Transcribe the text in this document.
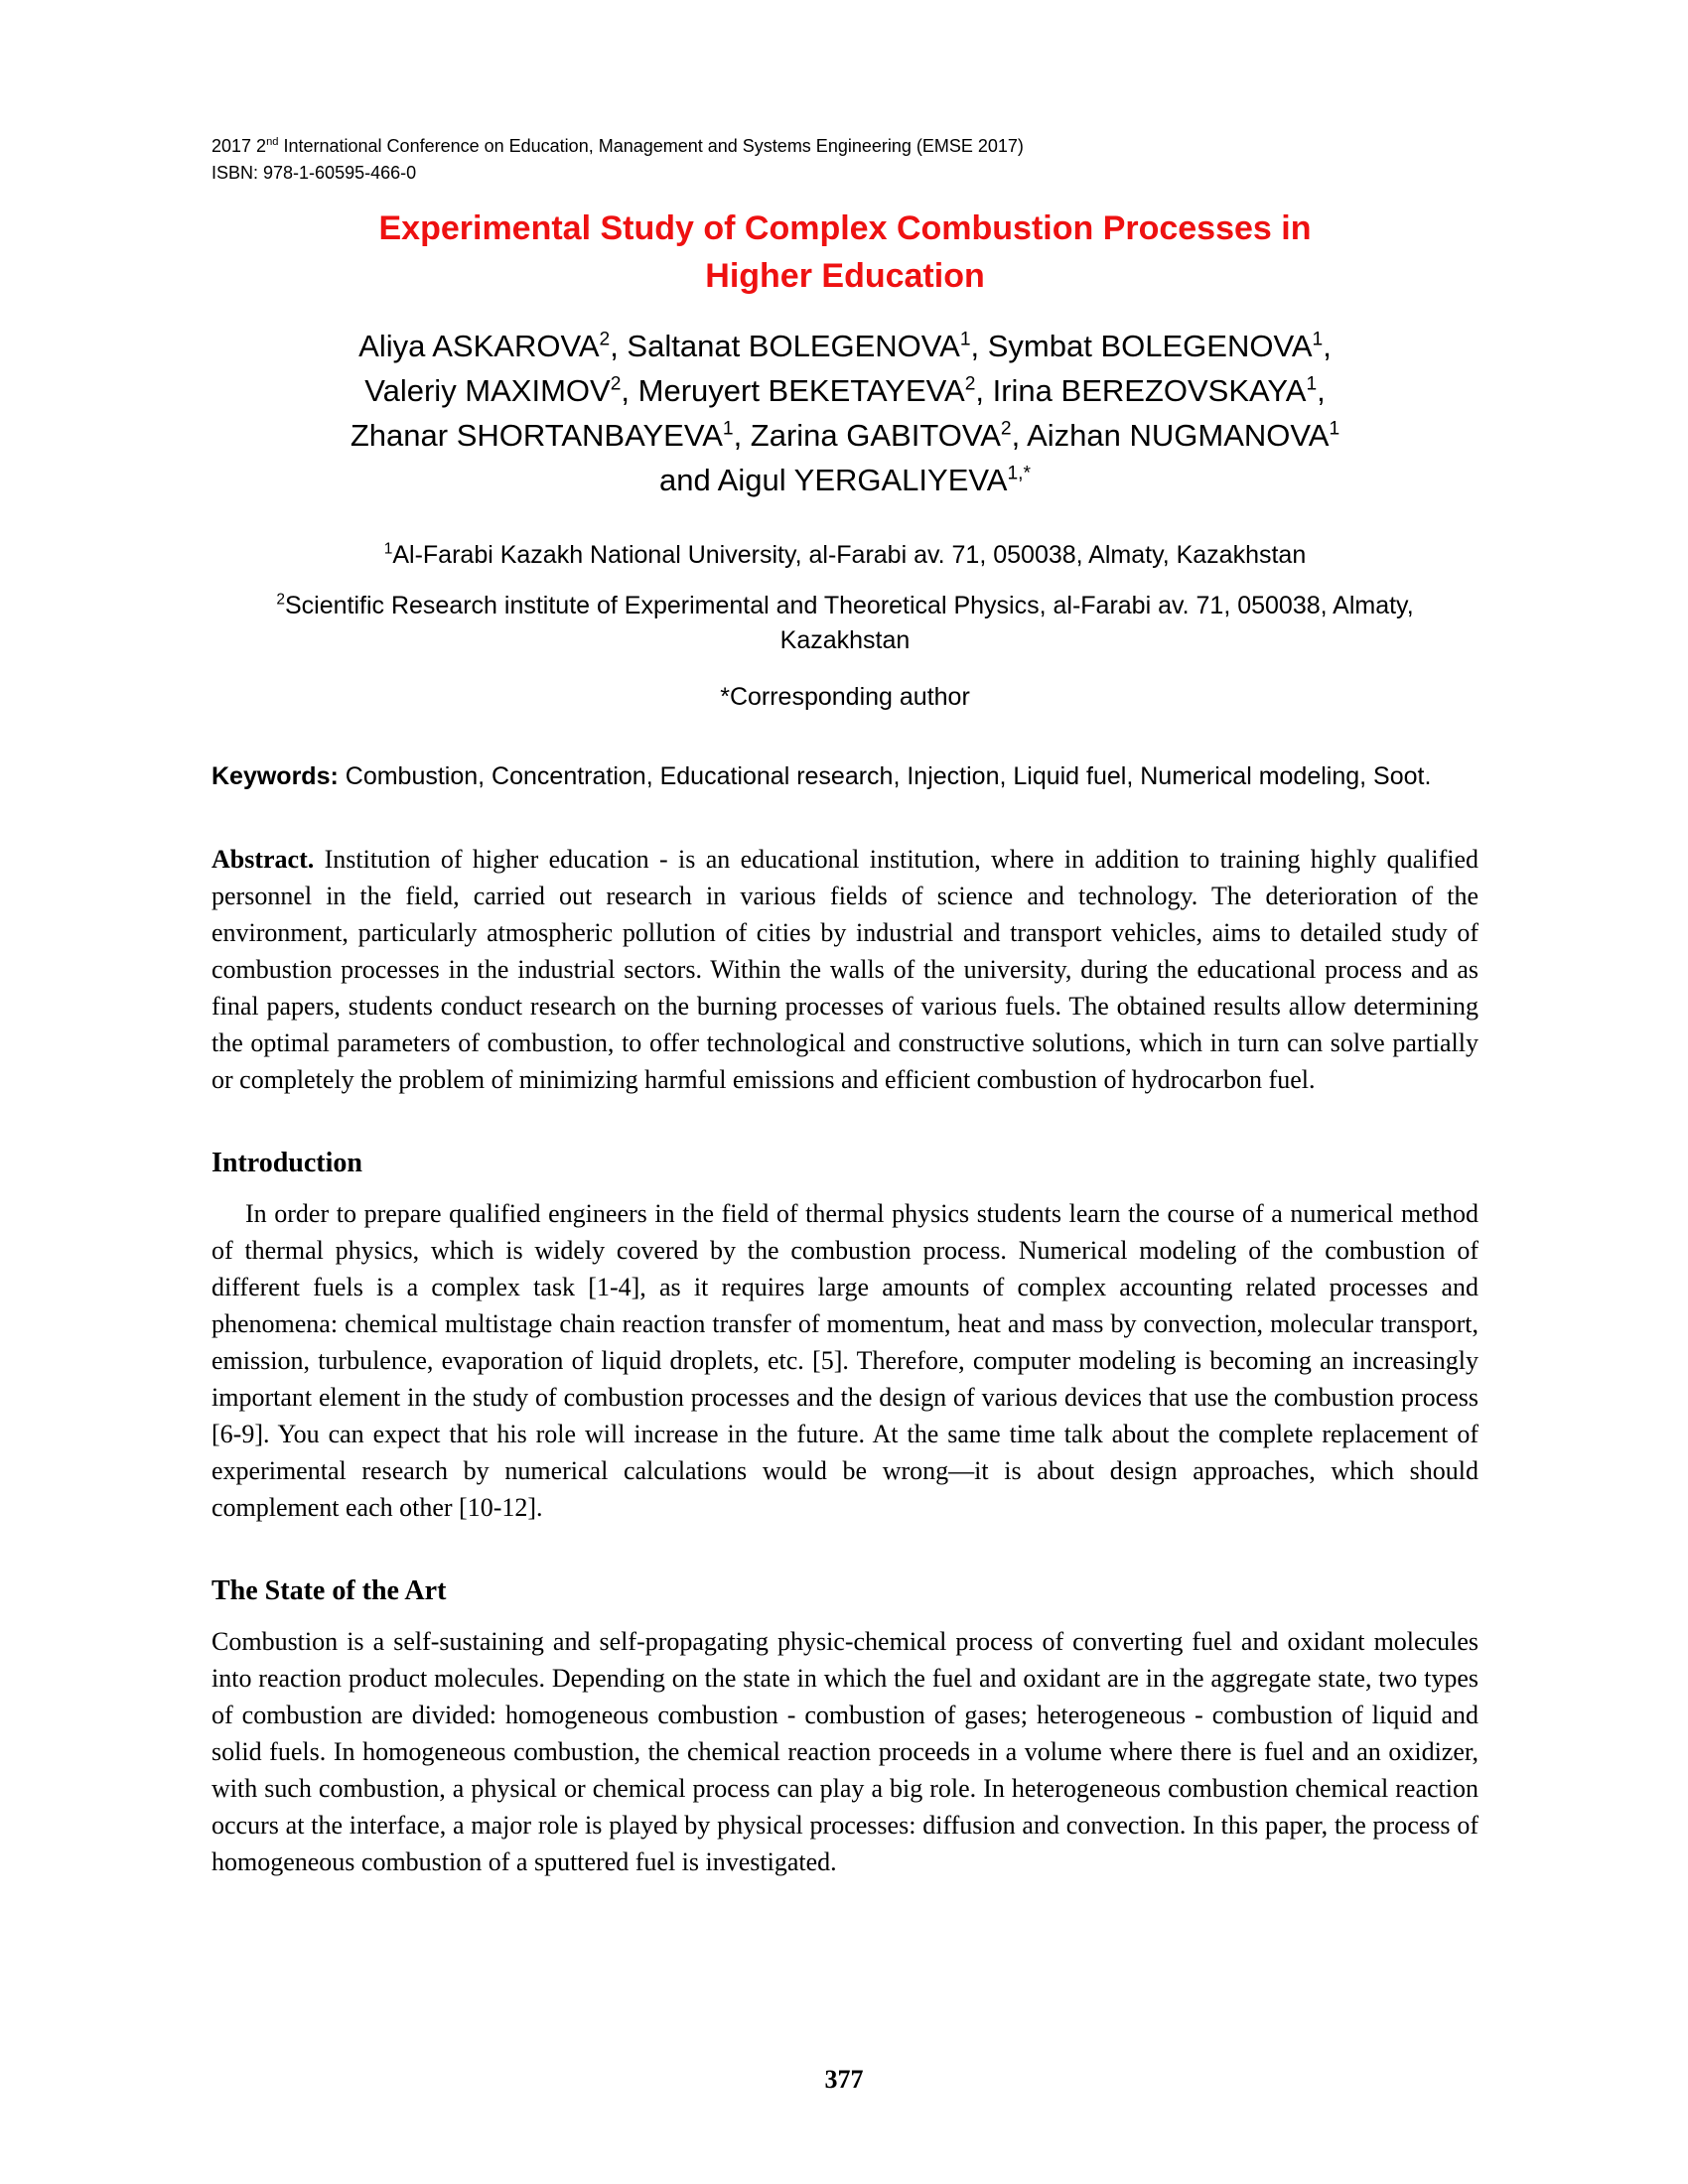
2017 2nd International Conference on Education, Management and Systems Engineering (EMSE 2017)
ISBN: 978-1-60595-466-0
Experimental Study of Complex Combustion Processes in
Higher Education
Aliya ASKAROVA$^2$, Saltanat BOLEGENOVA$^1$, Symbat BOLEGENOVA$^1$,
Valeriy MAXIMOV$^2$, Meruyert BEKETAYEVA$^2$, Irina BEREZOVSKAYA$^1$,
Zhanar SHORTANBAYEVA$^1$, Zarina GABITOVA$^2$, Aizhan NUGMANOVA$^1$
and Aigul $YERGALIYEVA^{1,*}$
$^1$Al-Farabi Kazakh National University, al-Farabi av. 71, 050038, Almaty, Kazakhstan
$^2$Scientific Research institute of Experimental and Theoretical Physics, al-Farabi av. 71, 050038, Almaty, Kazakhstan
*Corresponding author
Keywords: Combustion, Concentration, Educational research, Injection, Liquid fuel, Numerical modeling, Soot.
Abstract. Institution of higher education - is an educational institution, where in addition to training highly qualified personnel in the field, carried out research in various fields of science and technology. The deterioration of the environment, particularly atmospheric pollution of cities by industrial and transport vehicles, aims to detailed study of combustion processes in the industrial sectors. Within the walls of the university, during the educational process and as final papers, students conduct research on the burning processes of various fuels. The obtained results allow determining the optimal parameters of combustion, to offer technological and constructive solutions, which in turn can solve partially or completely the problem of minimizing harmful emissions and efficient combustion of hydrocarbon fuel.
Introduction
In order to prepare qualified engineers in the field of thermal physics students learn the course of a numerical method of thermal physics, which is widely covered by the combustion process. Numerical modeling of the combustion of different fuels is a complex task [1-4], as it requires large amounts of complex accounting related processes and phenomena: chemical multistage chain reaction transfer of momentum, heat and mass by convection, molecular transport, emission, turbulence, evaporation of liquid droplets, etc. [5]. Therefore, computer modeling is becoming an increasingly important element in the study of combustion processes and the design of various devices that use the combustion process [6-9]. You can expect that his role will increase in the future. At the same time talk about the complete replacement of experimental research by numerical calculations would be wrong—it is about design approaches, which should complement each other [10-12].
The State of the Art
Combustion is a self-sustaining and self-propagating physic-chemical process of converting fuel and oxidant molecules into reaction product molecules. Depending on the state in which the fuel and oxidant are in the aggregate state, two types of combustion are divided: homogeneous combustion - combustion of gases; heterogeneous - combustion of liquid and solid fuels. In homogeneous combustion, the chemical reaction proceeds in a volume where there is fuel and an oxidizer, with such combustion, a physical or chemical process can play a big role. In heterogeneous combustion chemical reaction occurs at the interface, a major role is played by physical processes: diffusion and convection. In this paper, the process of homogeneous combustion of a sputtered fuel is investigated.
377
